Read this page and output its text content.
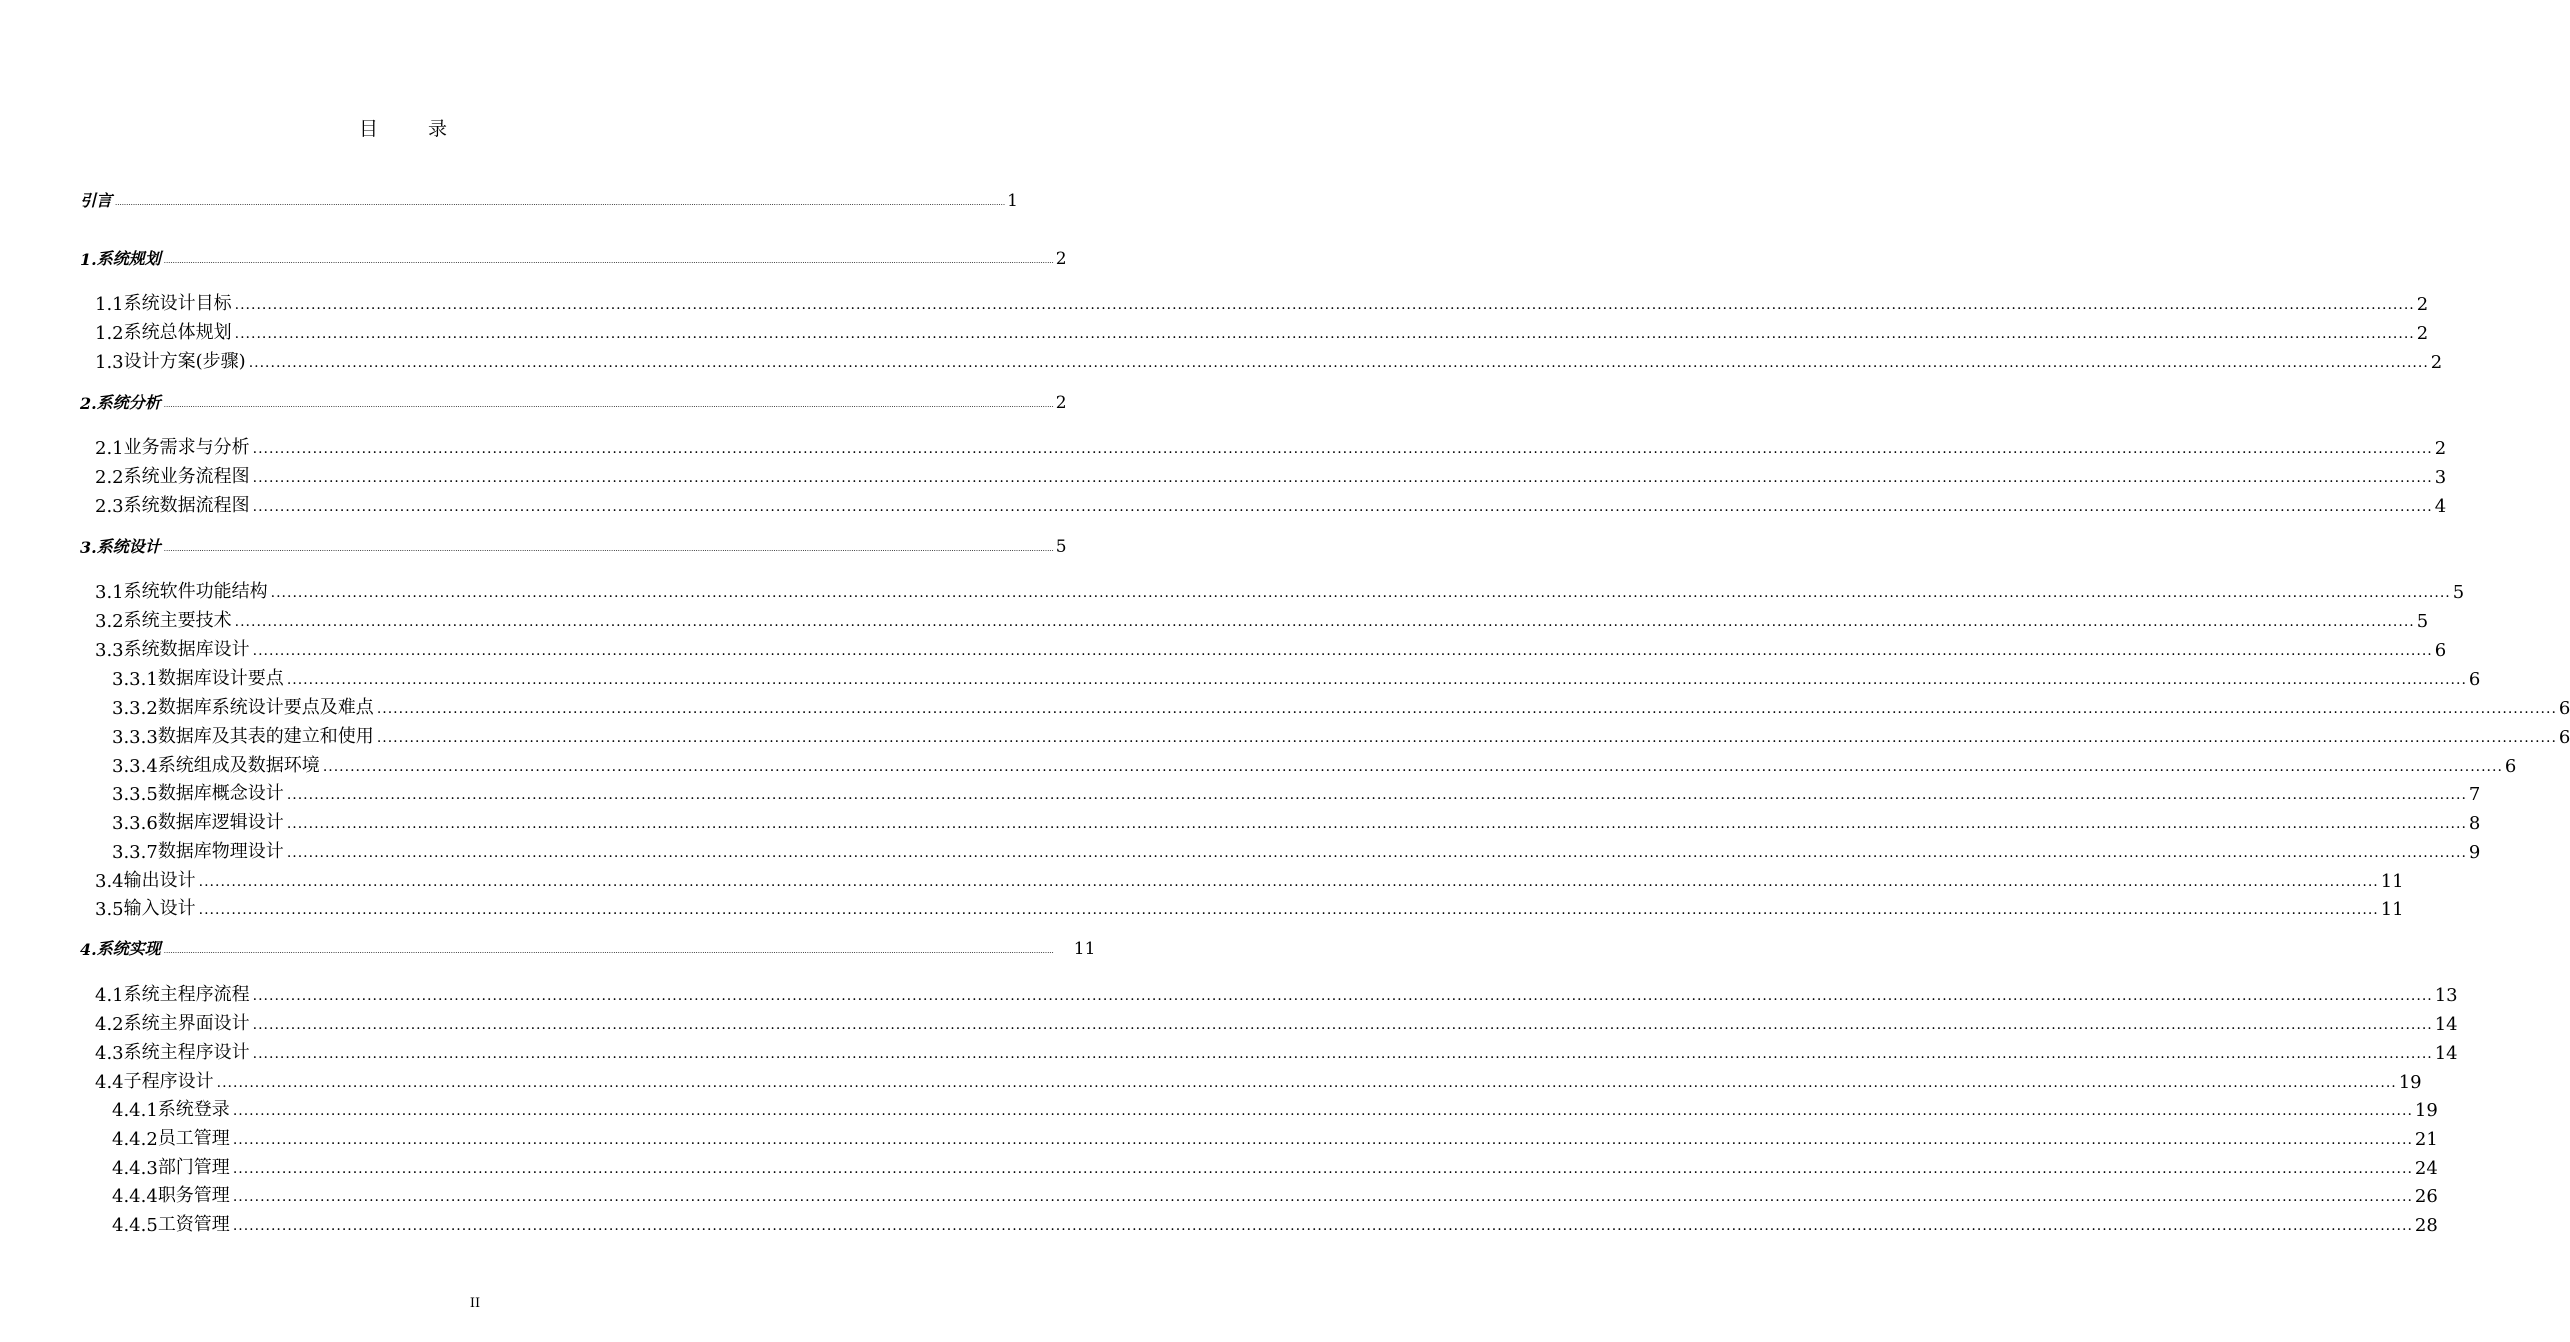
目 录
引言 ................................................................................................................................................................................................................................................................................................................................................................................................................ 1
1. 系统规划 ................................................................................................................................................................................................................................................................................................................................................................................................................ 2
1.1 系统设计目标 ................................................................................................................................................................................................................................................................................................................................................................................................................ 2
1.2 系统总体规划 ................................................................................................................................................................................................................................................................................................................................................................................................................ 2
1.3 设计方案(步骤) ................................................................................................................................................................................................................................................................................................................................................................................................................ 2
2. 系统分析 ................................................................................................................................................................................................................................................................................................................................................................................................................ 2
2.1 业务需求与分析 ................................................................................................................................................................................................................................................................................................................................................................................................................ 2
2.2 系统业务流程图 ................................................................................................................................................................................................................................................................................................................................................................................................................ 3
2.3 系统数据流程图 ................................................................................................................................................................................................................................................................................................................................................................................................................ 4
3. 系统设计 ................................................................................................................................................................................................................................................................................................................................................................................................................ 5
3.1 系统软件功能结构 ................................................................................................................................................................................................................................................................................................................................................................................................................ 5
3.2 系统主要技术 ................................................................................................................................................................................................................................................................................................................................................................................................................ 5
3.3 系统数据库设计 ................................................................................................................................................................................................................................................................................................................................................................................................................ 6
3.3.1 数据库设计要点 ................................................................................................................................................................................................................................................................................................................................................................................................................ 6
3.3.2 数据库系统设计要点及难点 ................................................................................................................................................................................................................................................................................................................................................................................................................ 6
3.3.3 数据库及其表的建立和使用 ................................................................................................................................................................................................................................................................................................................................................................................................................ 6
3.3.4 系统组成及数据环境 ................................................................................................................................................................................................................................................................................................................................................................................................................ 6
3.3.5 数据库概念设计 ................................................................................................................................................................................................................................................................................................................................................................................................................ 7
3.3.6 数据库逻辑设计 ................................................................................................................................................................................................................................................................................................................................................................................................................ 8
3.3.7 数据库物理设计 ................................................................................................................................................................................................................................................................................................................................................................................................................ 9
3.4 输出设计 ................................................................................................................................................................................................................................................................................................................................................................................................................ 11
3.5 输入设计 ................................................................................................................................................................................................................................................................................................................................................................................................................ 11
4. 系统实现 ................................................................................................................................................................................................................................................................................................................................................................................................................ 11
4.1 系统主程序流程 ................................................................................................................................................................................................................................................................................................................................................................................................................ 13
4.2 系统主界面设计 ................................................................................................................................................................................................................................................................................................................................................................................................................ 14
4.3 系统主程序设计 ................................................................................................................................................................................................................................................................................................................................................................................................................ 14
4.4 子程序设计 ................................................................................................................................................................................................................................................................................................................................................................................................................ 19
4.4.1 系统登录 ................................................................................................................................................................................................................................................................................................................................................................................................................ 19
4.4.2 员工管理 ................................................................................................................................................................................................................................................................................................................................................................................................................ 21
4.4.3 部门管理 ................................................................................................................................................................................................................................................................................................................................................................................................................ 24
4.4.4 职务管理 ................................................................................................................................................................................................................................................................................................................................................................................................................ 26
4.4.5 工资管理 ................................................................................................................................................................................................................................................................................................................................................................................................................ 28
II
